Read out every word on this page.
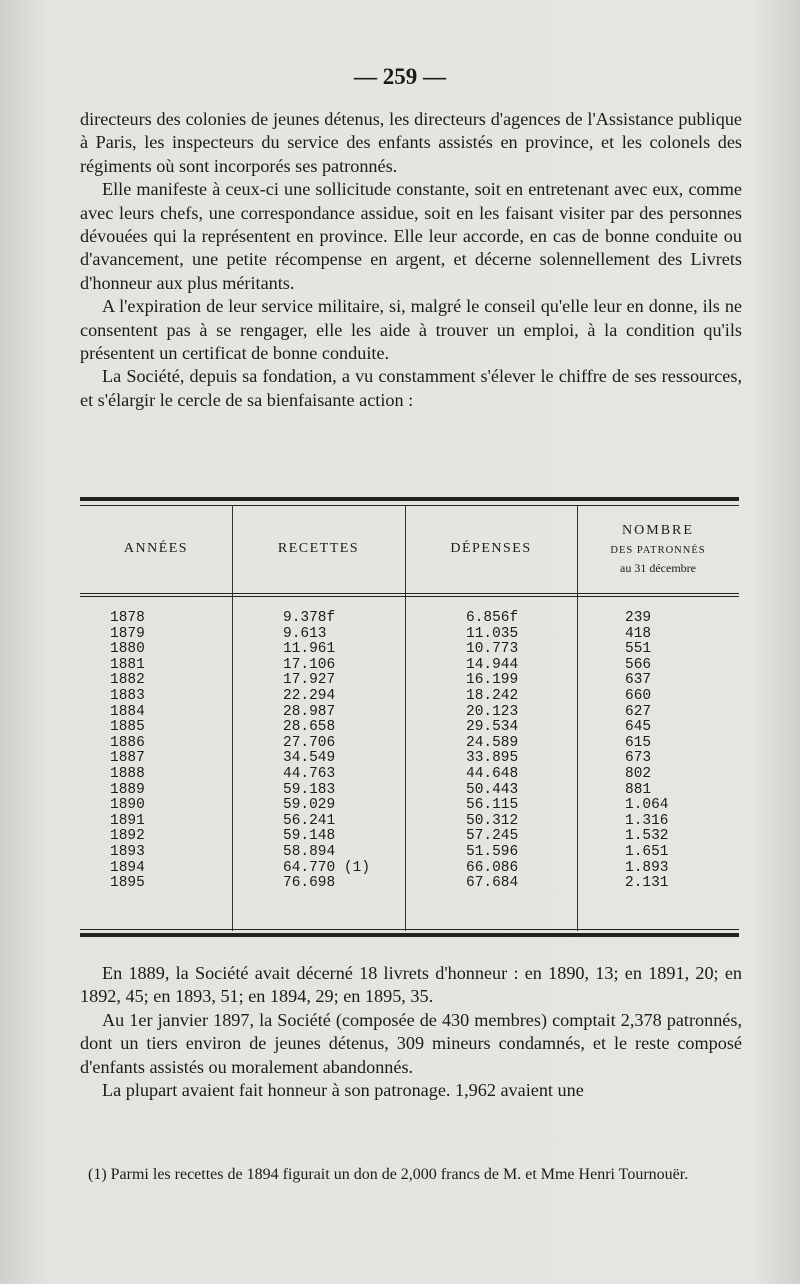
— 259 —

directeurs des colonies de jeunes détenus, les directeurs d'agences de l'Assistance publique à Paris, les inspecteurs du service des enfants assistés en province, et les colonels des régiments où sont incorporés ses patronnés.

Elle manifeste à ceux-ci une sollicitude constante, soit en entretenant avec eux, comme avec leurs chefs, une correspondance assidue, soit en les faisant visiter par des personnes dévouées qui la représentent en province. Elle leur accorde, en cas de bonne conduite ou d'avancement, une petite récompense en argent, et décerne solennellement des Livrets d'honneur aux plus méritants.

A l'expiration de leur service militaire, si, malgré le conseil qu'elle leur en donne, ils ne consentent pas à se rengager, elle les aide à trouver un emploi, à la condition qu'ils présentent un certificat de bonne conduite.

La Société, depuis sa fondation, a vu constamment s'élever le chiffre de ses ressources, et s'élargir le cercle de sa bienfaisante action :

ANNÉES	RECETTES	DÉPENSES
NOMBRE
DES PATRONNÉS
au 31 décembre
1878	9.378f	6.856f	239
1879	9.613	11.035	418
1880	11.961	10.773	551
1881	17.106	14.944	566
1882	17.927	16.199	637
1883	22.294	18.242	660
1884	28.987	20.123	627
1885	28.658	29.534	645
1886	27.706	24.589	615
1887	34.549	33.895	673
1888	44.763	44.648	802
1889	59.183	50.443	881
1890	59.029	56.115	1.064
1891	56.241	50.312	1.316
1892	59.148	57.245	1.532
1893	58.894	51.596	1.651
1894	64.770 (1)	66.086	1.893
1895	76.698	67.684	2.131

En 1889, la Société avait décerné 18 livrets d'honneur : en 1890, 13; en 1891, 20; en 1892, 45; en 1893, 51; en 1894, 29; en 1895, 35.

Au 1er janvier 1897, la Société (composée de 430 membres) comptait 2,378 patronnés, dont un tiers environ de jeunes détenus, 309 mineurs condamnés, et le reste composé d'enfants assistés ou moralement abandonnés.

La plupart avaient fait honneur à son patronage. 1,962 avaient une

(1) Parmi les recettes de 1894 figurait un don de 2,000 francs de M. et Mme Henri Tournouër.
